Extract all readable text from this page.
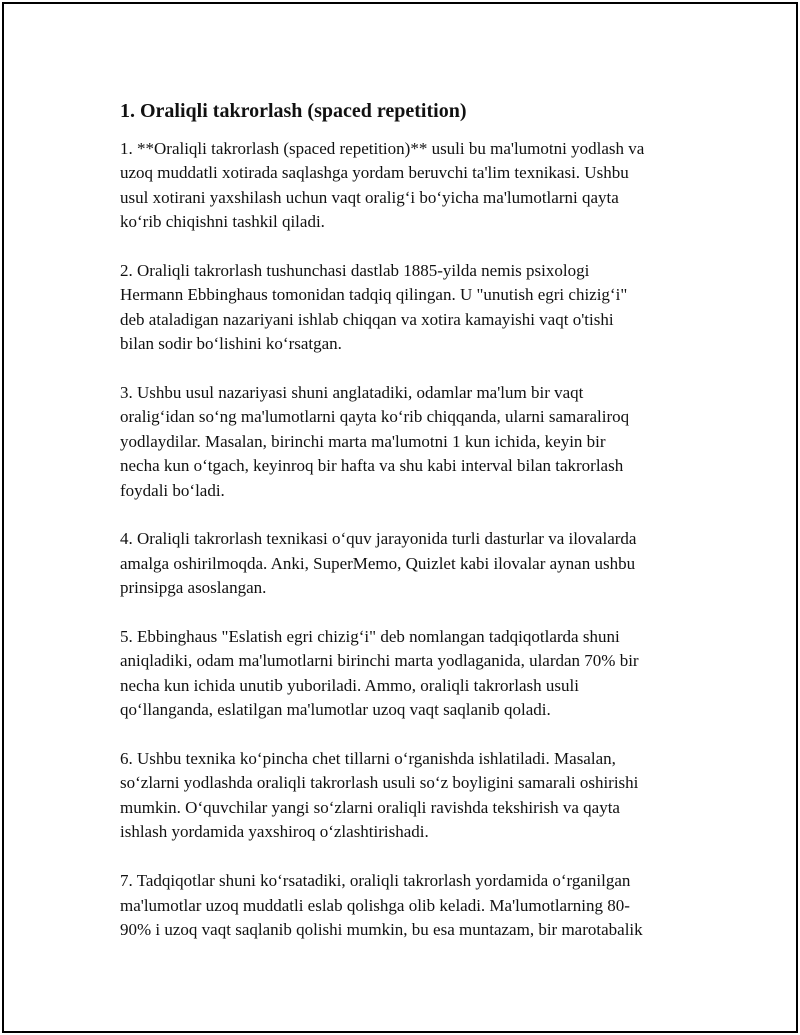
1. Oraliqli takrorlash (spaced repetition)

1. **Oraliqli takrorlash (spaced repetition)** usuli bu ma'lumotni yodlash va
uzoq muddatli xotirada saqlashga yordam beruvchi ta'lim texnikasi. Ushbu
usul xotirani yaxshilash uchun vaqt oralig‘i bo‘yicha ma'lumotlarni qayta
ko‘rib chiqishni tashkil qiladi.

2. Oraliqli takrorlash tushunchasi dastlab 1885-yilda nemis psixologi
Hermann Ebbinghaus tomonidan tadqiq qilingan. U "unutish egri chizig‘i"
deb ataladigan nazariyani ishlab chiqqan va xotira kamayishi vaqt o'tishi
bilan sodir bo‘lishini ko‘rsatgan.

3. Ushbu usul nazariyasi shuni anglatadiki, odamlar ma'lum bir vaqt
oralig‘idan so‘ng ma'lumotlarni qayta ko‘rib chiqqanda, ularni samaraliroq
yodlaydilar. Masalan, birinchi marta ma'lumotni 1 kun ichida, keyin bir
necha kun o‘tgach, keyinroq bir hafta va shu kabi interval bilan takrorlash
foydali bo‘ladi.

4. Oraliqli takrorlash texnikasi o‘quv jarayonida turli dasturlar va ilovalarda
amalga oshirilmoqda. Anki, SuperMemo, Quizlet kabi ilovalar aynan ushbu
prinsipga asoslangan.

5. Ebbinghaus "Eslatish egri chizig‘i" deb nomlangan tadqiqotlarda shuni
aniqladiki, odam ma'lumotlarni birinchi marta yodlaganida, ulardan 70% bir
necha kun ichida unutib yuboriladi. Ammo, oraliqli takrorlash usuli
qo‘llanganda, eslatilgan ma'lumotlar uzoq vaqt saqlanib qoladi.

6. Ushbu texnika ko‘pincha chet tillarni o‘rganishda ishlatiladi. Masalan,
so‘zlarni yodlashda oraliqli takrorlash usuli so‘z boyligini samarali oshirishi
mumkin. O‘quvchilar yangi so‘zlarni oraliqli ravishda tekshirish va qayta
ishlash yordamida yaxshiroq o‘zlashtirishadi.

7. Tadqiqotlar shuni ko‘rsatadiki, oraliqli takrorlash yordamida o‘rganilgan
ma'lumotlar uzoq muddatli eslab qolishga olib keladi. Ma'lumotlarning 80-
90% i uzoq vaqt saqlanib qolishi mumkin, bu esa muntazam, bir marotabalik
